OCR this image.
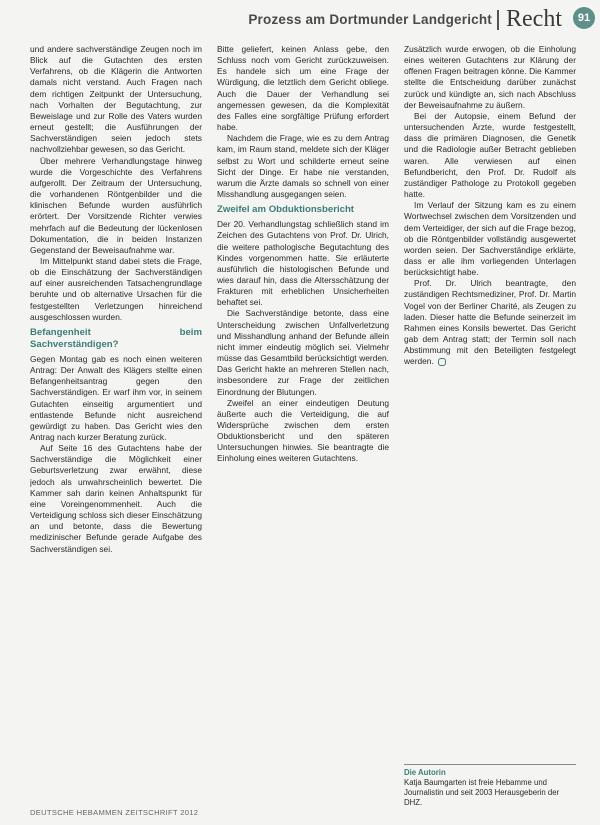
Prozess am Dortmunder Landgericht Recht	91

und andere sachverständige Zeugen noch im Blick auf die Gutachten des ersten Verfahrens, ob die Klägerin die Antworten damals nicht verstand. Auch Fragen nach dem richtigen Zeitpunkt der Untersuchung, nach Vorhalten der Begutachtung, zur Beweislage und zur Rolle des Vaters wurden erneut gestellt; die Ausführungen der Sachverständigen seien jedoch stets nachvollziehbar gewesen, so das Gericht.

Über mehrere Verhandlungstage hinweg wurde die Vorgeschichte des Verfahrens aufgerollt. Der Zeitraum der Untersuchung, die vorhandenen Röntgenbilder und die klinischen Befunde wurden ausführlich erörtert. Der Vorsitzende Richter verwies mehrfach auf die Bedeutung der lückenlosen Dokumentation, die in beiden Instanzen Gegenstand der Beweisaufnahme war.

Im Mittelpunkt stand dabei stets die Frage, ob die Einschätzung der Sachverständigen auf einer ausreichenden Tatsachengrundlage beruhte und ob alternative Ursachen für die festgestellten Verletzungen hinreichend ausgeschlossen wurden.

Befangenheit beim Sachverständigen?

Gegen Montag gab es noch einen weiteren Antrag: Der Anwalt des Klägers stellte einen Befangenheitsantrag gegen den Sachverständigen. Er warf ihm vor, in seinem Gutachten einseitig argumentiert und entlastende Befunde nicht ausreichend gewürdigt zu haben. Das Gericht wies den Antrag nach kurzer Beratung zurück.

Auf Seite 16 des Gutachtens habe der Sachverständige die Möglichkeit einer Geburtsverletzung zwar erwähnt, diese jedoch als unwahrscheinlich bewertet. Die Kammer sah darin keinen Anhaltspunkt für eine Voreingenommenheit. Auch die Verteidigung schloss sich dieser Einschätzung an und betonte, dass die Bewertung medizinischer Befunde gerade Aufgabe des Sachverständigen sei.

Bitte geliefert, keinen Anlass gebe, den Schluss noch vom Gericht zurückzuweisen. Es handele sich um eine Frage der Würdigung, die letztlich dem Gericht obliege. Auch die Dauer der Verhandlung sei angemessen gewesen, da die Komplexität des Falles eine sorgfältige Prüfung erfordert habe.

Nachdem die Frage, wie es zu dem Antrag kam, im Raum stand, meldete sich der Kläger selbst zu Wort und schilderte erneut seine Sicht der Dinge. Er habe nie verstanden, warum die Ärzte damals so schnell von einer Misshandlung ausgegangen seien.

Zweifel am Obduktionsbericht

Der 20. Verhandlungstag schließlich stand im Zeichen des Gutachtens von Prof. Dr. Ulrich, die weitere pathologische Begutachtung des Kindes vorgenommen hatte. Sie erläuterte ausführlich die histologischen Befunde und wies darauf hin, dass die Altersschätzung der Frakturen mit erheblichen Unsicherheiten behaftet sei.

Die Sachverständige betonte, dass eine Unterscheidung zwischen Unfallverletzung und Misshandlung anhand der Befunde allein nicht immer eindeutig möglich sei. Vielmehr müsse das Gesamtbild berücksichtigt werden. Das Gericht hakte an mehreren Stellen nach, insbesondere zur Frage der zeitlichen Einordnung der Blutungen.

Zweifel an einer eindeutigen Deutung äußerte auch die Verteidigung, die auf Widersprüche zwischen dem ersten Obduktionsbericht und den späteren Untersuchungen hinwies. Sie beantragte die Einholung eines weiteren Gutachtens.

Zusätzlich wurde erwogen, ob die Einholung eines weiteren Gutachtens zur Klärung der offenen Fragen beitragen könne. Die Kammer stellte die Entscheidung darüber zunächst zurück und kündigte an, sich nach Abschluss der Beweisaufnahme zu äußern.

Bei der Autopsie, einem Befund der untersuchenden Ärzte, wurde festgestellt, dass die primären Diagnosen, die Genetik und die Radiologie außer Betracht geblieben waren. Alle verwiesen auf einen Befundbericht, den Prof. Dr. Rudolf als zuständiger Pathologe zu Protokoll gegeben hatte.

Im Verlauf der Sitzung kam es zu einem Wortwechsel zwischen dem Vorsitzenden und dem Verteidiger, der sich auf die Frage bezog, ob die Röntgenbilder vollständig ausgewertet worden seien. Der Sachverständige erklärte, dass er alle ihm vorliegenden Unterlagen berücksichtigt habe.

Prof. Dr. Ulrich beantragte, den zuständigen Rechtsmediziner, Prof. Dr. Martin Vogel von der Berliner Charité, als Zeugen zu laden. Dieser hatte die Befunde seinerzeit im Rahmen eines Konsils bewertet. Das Gericht gab dem Antrag statt; der Termin soll nach Abstimmung mit den Beteiligten festgelegt werden.

Die Autorin
Katja Baumgarten ist freie Hebamme und Journalistin und seit 2003 Herausgeberin der DHZ.
DEUTSCHE HEBAMMEN ZEITSCHRIFT 2012
